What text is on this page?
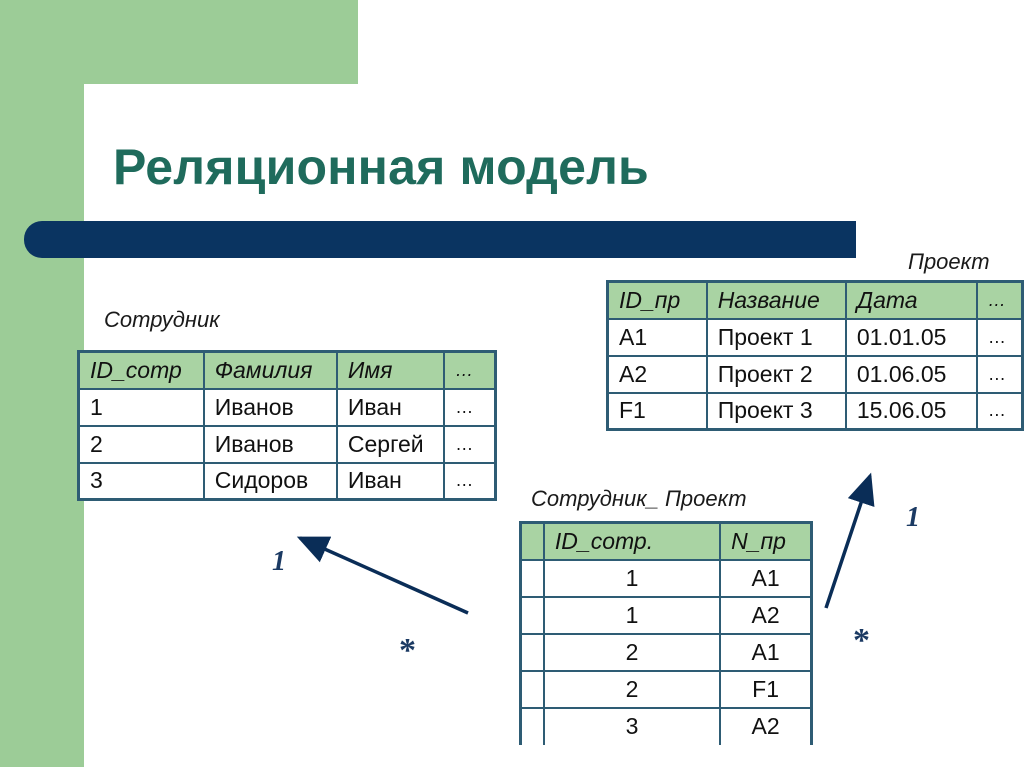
Реляционная модель
Сотрудник
ID_сотр	Фамилия	Имя	…
1	Иванов	Иван	…
2	Иванов	Сергей	…
3	Сидоров	Иван	…
Проект
ID_пр	Название	Дата	…
А1	Проект 1	01.01.05	…
А2	Проект 2	01.06.05	…
F1	Проект 3	15.06.05	…
Сотрудник_ Проект
	ID_сотр.	N_пр
	1	А1
	1	А2
	2	А1
	2	F1
	3	А2
1
*
1
*
